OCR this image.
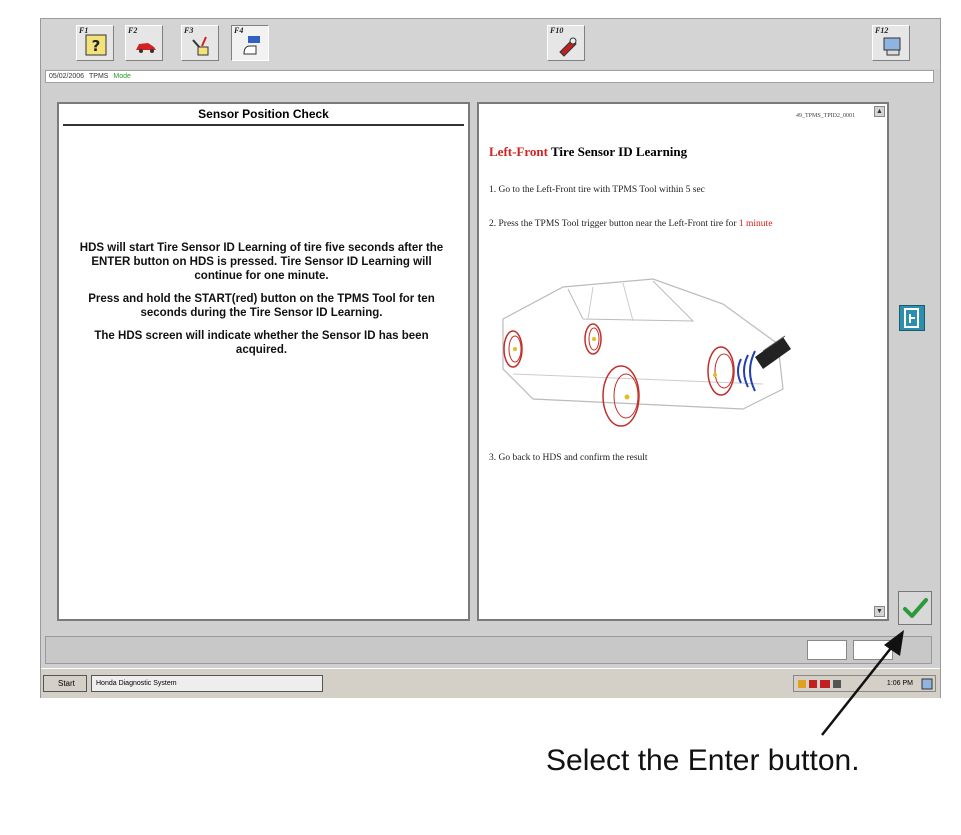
F1
?
F2	F3	F4	F10	F12
05/02/2006 TPMS Mode
Sensor Position Check

HDS will start Tire Sensor ID Learning of tire five seconds after the ENTER button on HDS is pressed. Tire Sensor ID Learning will continue for one minute.

Press and hold the START(red) button on the TPMS Tool for ten seconds during the Tire Sensor ID Learning.

The HDS screen will indicate whether the Sensor ID has been acquired.

▲
▼
49_TPMS_TPID2_0001
Left-Front Tire Sensor ID Learning
1. Go to the Left-Front tire with TPMS Tool within 5 sec
2. Press the TPMS Tool trigger button near the Left-Front tire for 1 minute
3. Go back to HDS and confirm the result
Start	Honda Diagnostic System	1:06 PM
Select the Enter button.
